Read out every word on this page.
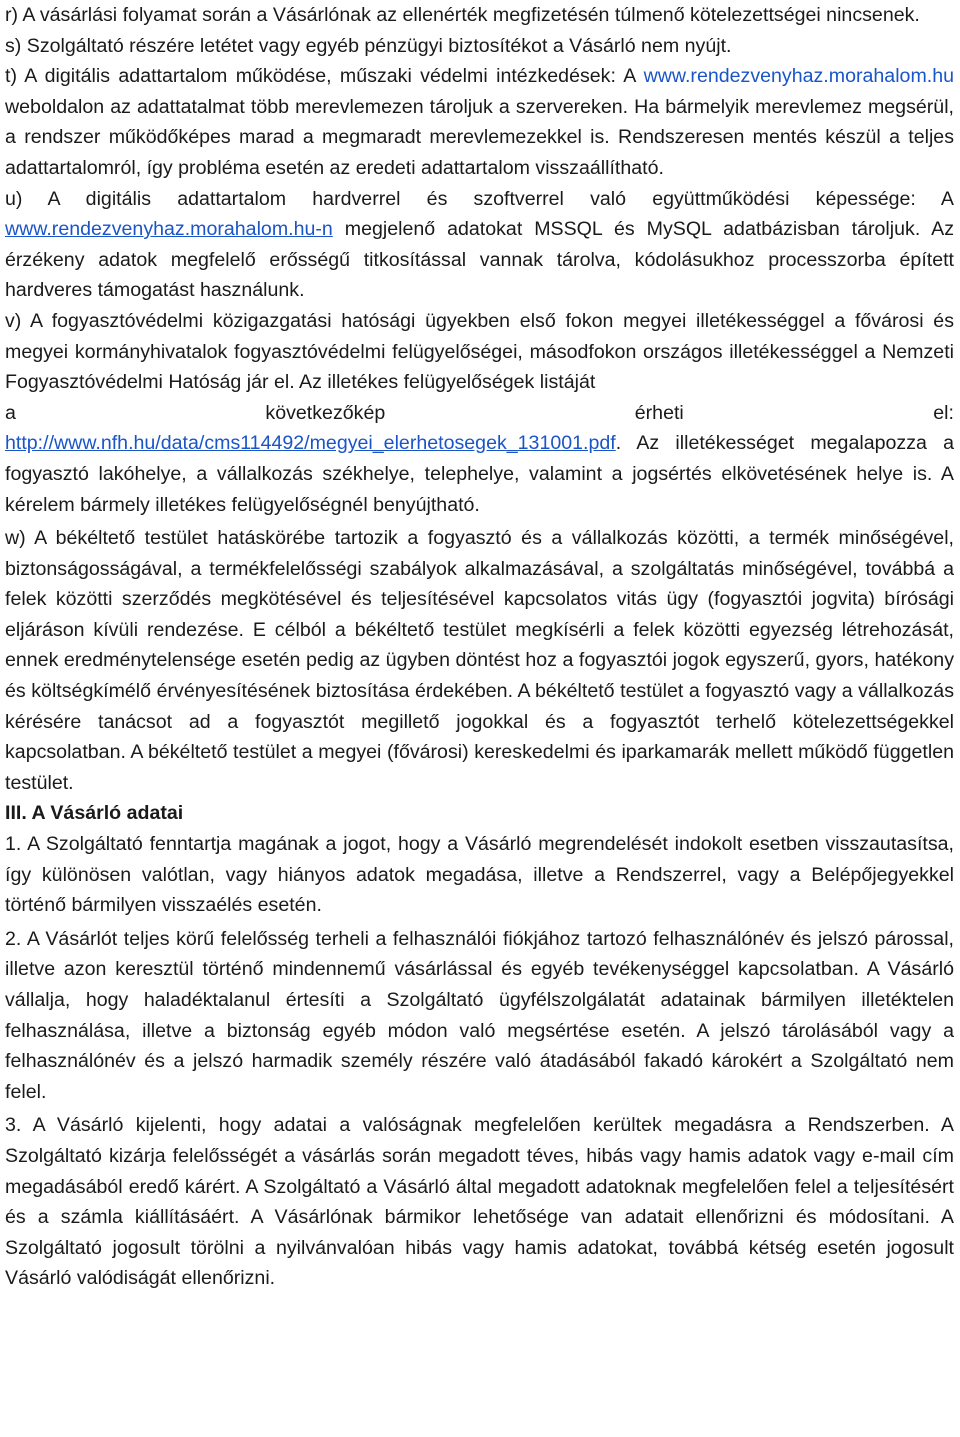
r) A vásárlási folyamat során a Vásárlónak az ellenérték megfizetésén túlmenő kötelezettségei nincsenek.

s) Szolgáltató részére letétet vagy egyéb pénzügyi biztosítékot a Vásárló nem nyújt.

t) A digitális adattartalom működése, műszaki védelmi intézkedések: A www.rendezvenyhaz.morahalom.hu weboldalon az adattatalmat több merevlemezen tároljuk a szervereken. Ha bármelyik merevlemez megsérül, a rendszer működőképes marad a megmaradt merevlemezekkel is. Rendszeresen mentés készül a teljes adattartalomról, így probléma esetén az eredeti adattartalom visszaállítható.

u) A digitális adattartalom hardverrel és szoftverrel való együttműködési képessége: A www.rendezvenyhaz.morahalom.hu-n megjelenő adatokat MSSQL és MySQL adatbázisban tároljuk. Az érzékeny adatok megfelelő erősségű titkosítással vannak tárolva, kódolásukhoz processzorba épített hardveres támogatást használunk.

v) A fogyasztóvédelmi közigazgatási hatósági ügyekben első fokon megyei illetékességgel a fővárosi és megyei kormányhivatalok fogyasztóvédelmi felügyelőségei, másodfokon országos illetékességgel a Nemzeti Fogyasztóvédelmi Hatóság jár el. Az illetékes felügyelőségek listáját

a	következőkép	érheti	el:

http://www.nfh.hu/data/cms114492/megyei_elerhetosegek_131001.pdf. Az illetékességet megalapozza a fogyasztó lakóhelye, a vállalkozás székhelye, telephelye, valamint a jogsértés elkövetésének helye is. A kérelem bármely illetékes felügyelőségnél benyújtható.

w) A békéltető testület hatáskörébe tartozik a fogyasztó és a vállalkozás közötti, a termék minőségével, biztonságosságával, a termékfelelősségi szabályok alkalmazásával, a szolgáltatás minőségével, továbbá a felek közötti szerződés megkötésével és teljesítésével kapcsolatos vitás ügy (fogyasztói jogvita) bírósági eljáráson kívüli rendezése. E célból a békéltető testület megkísérli a felek közötti egyezség létrehozását, ennek eredménytelensége esetén pedig az ügyben döntést hoz a fogyasztói jogok egyszerű, gyors, hatékony és költségkímélő érvényesítésének biztosítása érdekében. A békéltető testület a fogyasztó vagy a vállalkozás kérésére tanácsot ad a fogyasztót megillető jogokkal és a fogyasztót terhelő kötelezettségekkel kapcsolatban. A békéltető testület a megyei (fővárosi) kereskedelmi és iparkamarák mellett működő független testület.

III. A Vásárló adatai

1. A Szolgáltató fenntartja magának a jogot, hogy a Vásárló megrendelését indokolt esetben visszautasítsa, így különösen valótlan, vagy hiányos adatok megadása, illetve a Rendszerrel, vagy a Belépőjegyekkel történő bármilyen visszaélés esetén.

2. A Vásárlót teljes körű felelősség terheli a felhasználói fiókjához tartozó felhasználónév és jelszó párossal, illetve azon keresztül történő mindennemű vásárlással és egyéb tevékenységgel kapcsolatban. A Vásárló vállalja, hogy haladéktalanul értesíti a Szolgáltató ügyfélszolgálatát adatainak bármilyen illetéktelen felhasználása, illetve a biztonság egyéb módon való megsértése esetén. A jelszó tárolásából vagy a felhasználónév és a jelszó harmadik személy részére való átadásából fakadó károkért a Szolgáltató nem felel.

3. A Vásárló kijelenti, hogy adatai a valóságnak megfelelően kerültek megadásra a Rendszerben. A Szolgáltató kizárja felelősségét a vásárlás során megadott téves, hibás vagy hamis adatok vagy e-mail cím megadásából eredő kárért. A Szolgáltató a Vásárló által megadott adatoknak megfelelően felel a teljesítésért és a számla kiállításáért. A Vásárlónak bármikor lehetősége van adatait ellenőrizni és módosítani. A Szolgáltató jogosult törölni a nyilvánvalóan hibás vagy hamis adatokat, továbbá kétség esetén jogosult Vásárló valódiságát ellenőrizni.
